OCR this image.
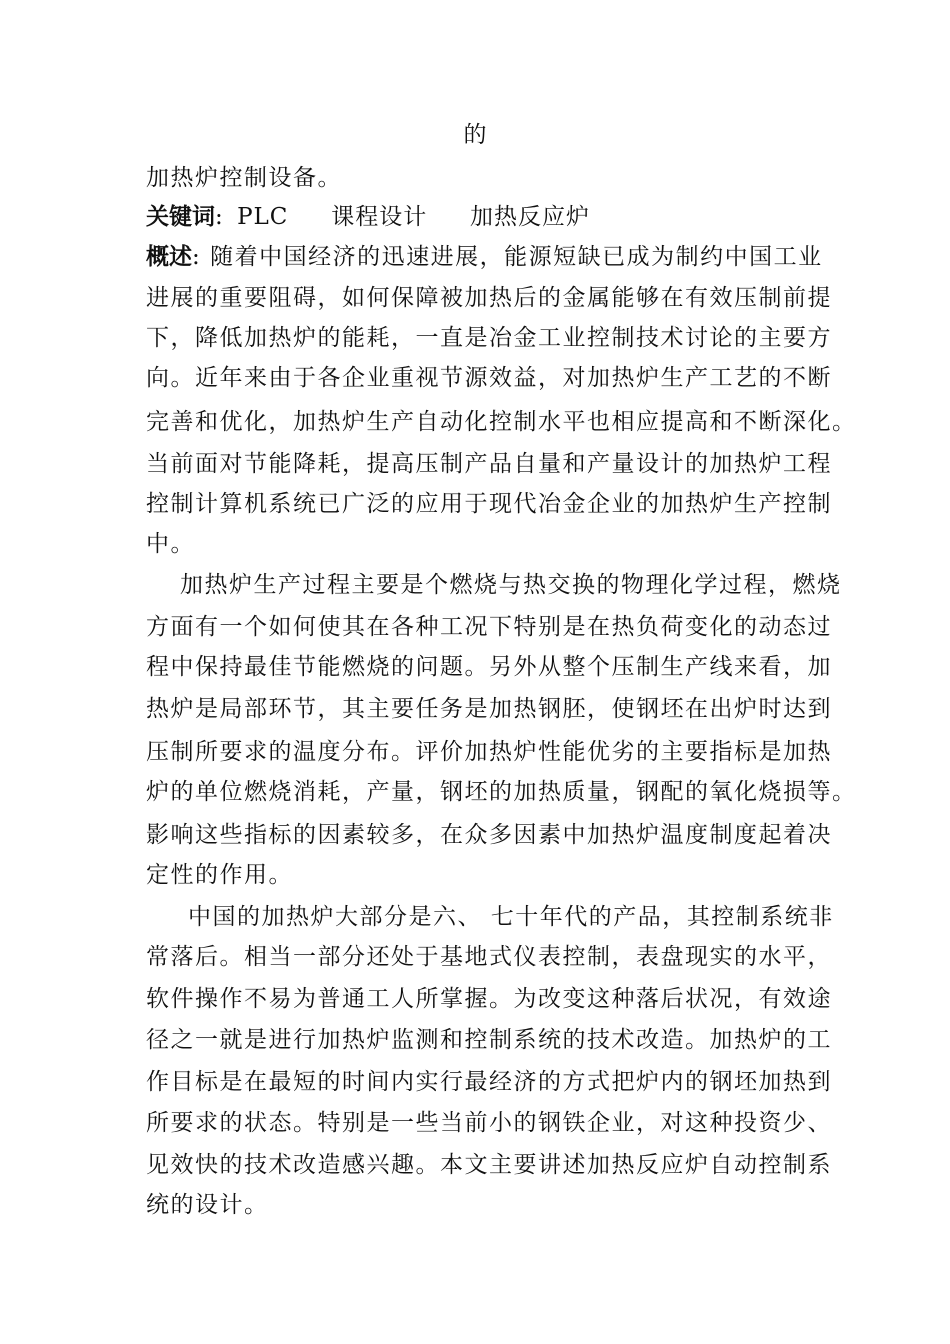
的
加热炉控制设备。
关键词: PLC 课程设计 加热反应炉
概述: 随着中国经济的迅速进展，能源短缺已成为制约中国工业
进展的重要阻碍，如何保障被加热后的金属能够在有效压制前提
下，降低加热炉的能耗，一直是冶金工业控制技术讨论的主要方
向。近年来由于各企业重视节源效益，对加热炉生产工艺的不断
完善和优化，加热炉生产自动化控制水平也相应提高和不断深化。
当前面对节能降耗，提高压制产品自量和产量设计的加热炉工程
控制计算机系统已广泛的应用于现代冶金企业的加热炉生产控制
中。
加热炉生产过程主要是个燃烧与热交换的物理化学过程，燃烧
方面有一个如何使其在各种工况下特别是在热负荷变化的动态过
程中保持最佳节能燃烧的问题。另外从整个压制生产线来看，加
热炉是局部环节，其主要任务是加热钢胚，使钢坯在出炉时达到
压制所要求的温度分布。评价加热炉性能优劣的主要指标是加热
炉的单位燃烧消耗，产量，钢坯的加热质量，钢配的氧化烧损等。
影响这些指标的因素较多，在众多因素中加热炉温度制度起着决
定性的作用。
中国的加热炉大部分是六、 七十年代的产品，其控制系统非
常落后。相当一部分还处于基地式仪表控制，表盘现实的水平，
软件操作不易为普通工人所掌握。为改变这种落后状况，有效途
径之一就是进行加热炉监测和控制系统的技术改造。加热炉的工
作目标是在最短的时间内实行最经济的方式把炉内的钢坯加热到
所要求的状态。特别是一些当前小的钢铁企业，对这种投资少、
见效快的技术改造感兴趣。本文主要讲述加热反应炉自动控制系
统的设计。
